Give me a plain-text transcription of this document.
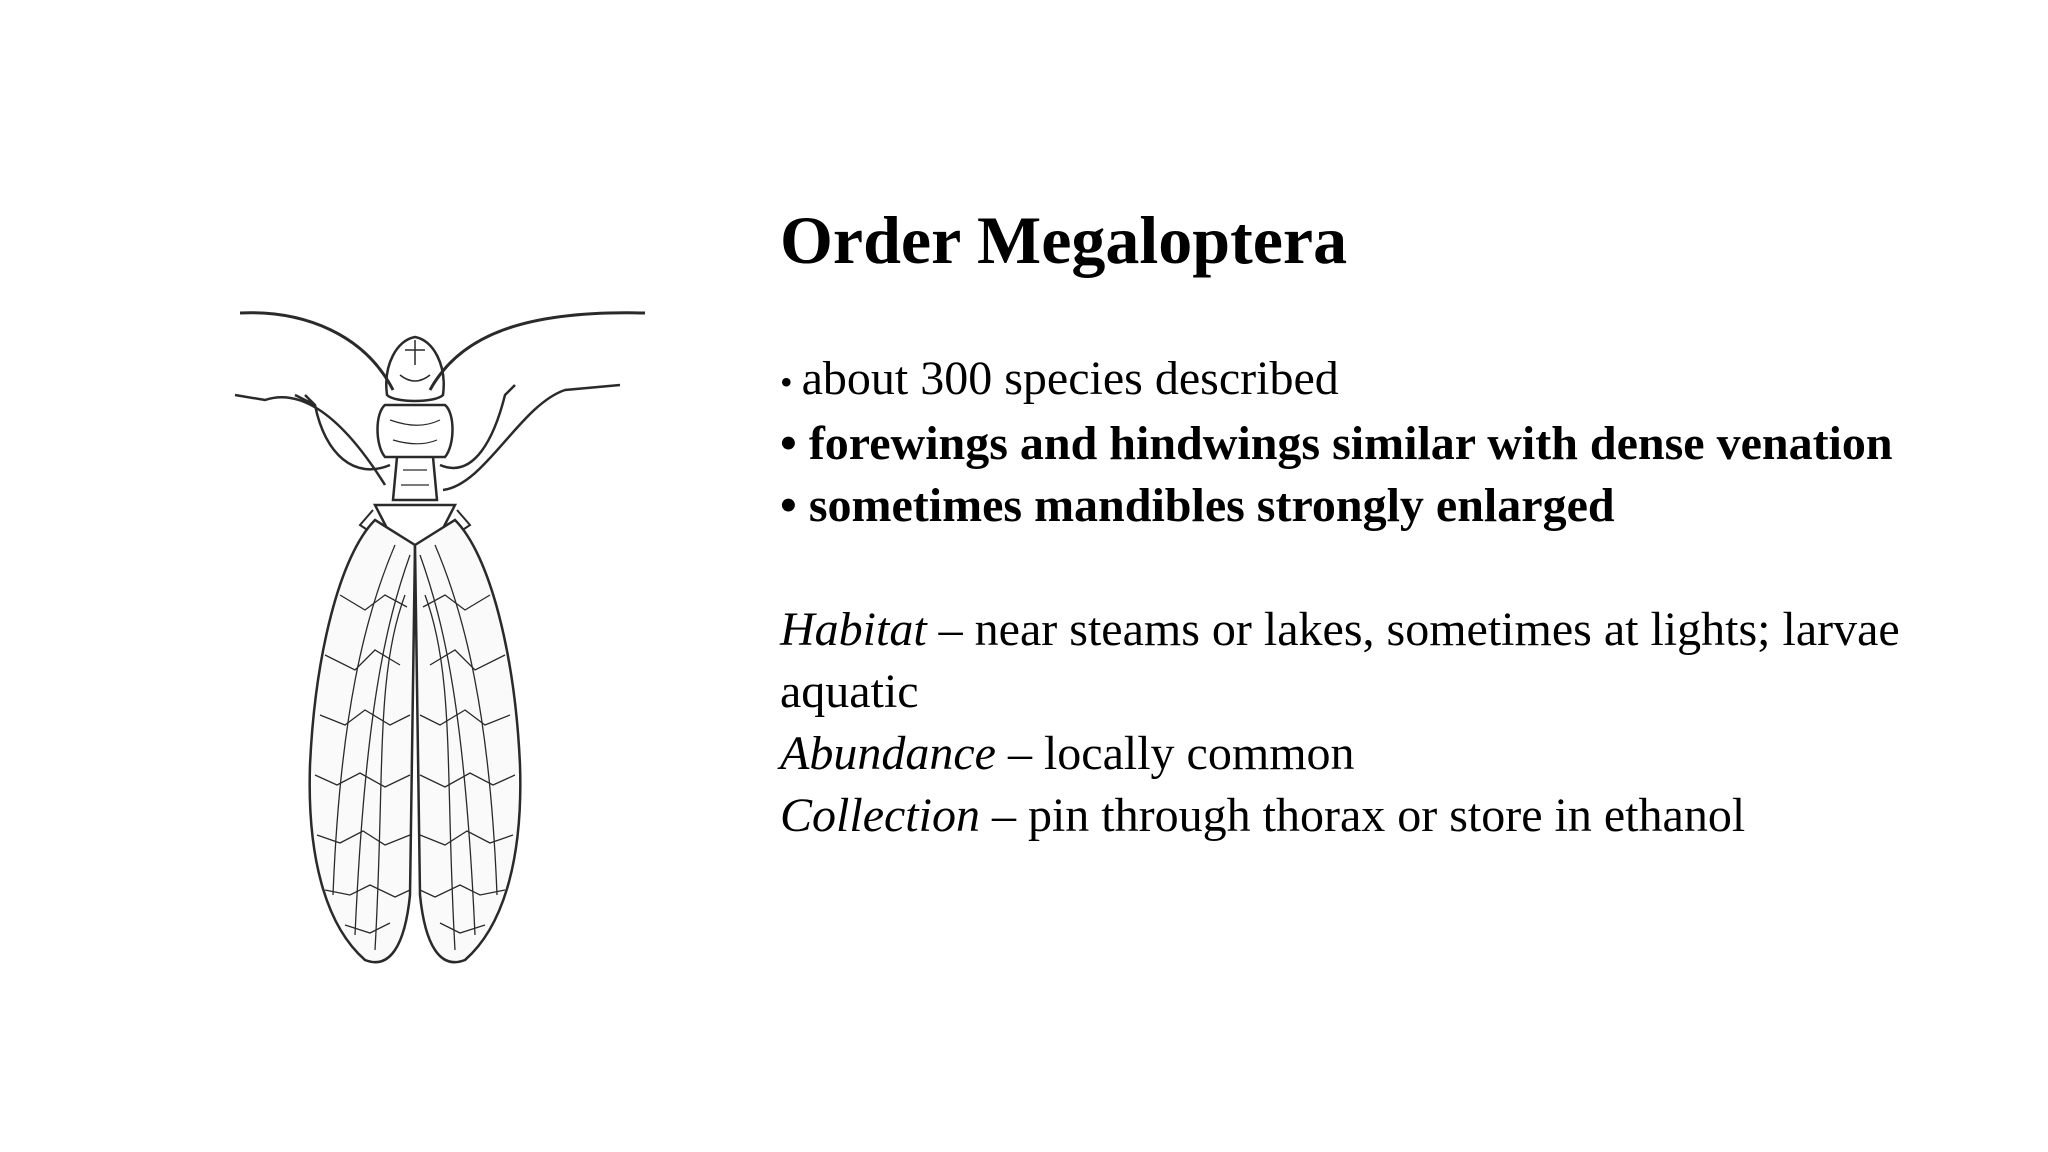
Order Megaloptera
• about 300 species described
• forewings and hindwings similar with dense venation
• sometimes mandibles strongly enlarged
Habitat – near steams or lakes, sometimes at lights; larvae aquatic
Abundance – locally common
Collection – pin through thorax or store in ethanol
